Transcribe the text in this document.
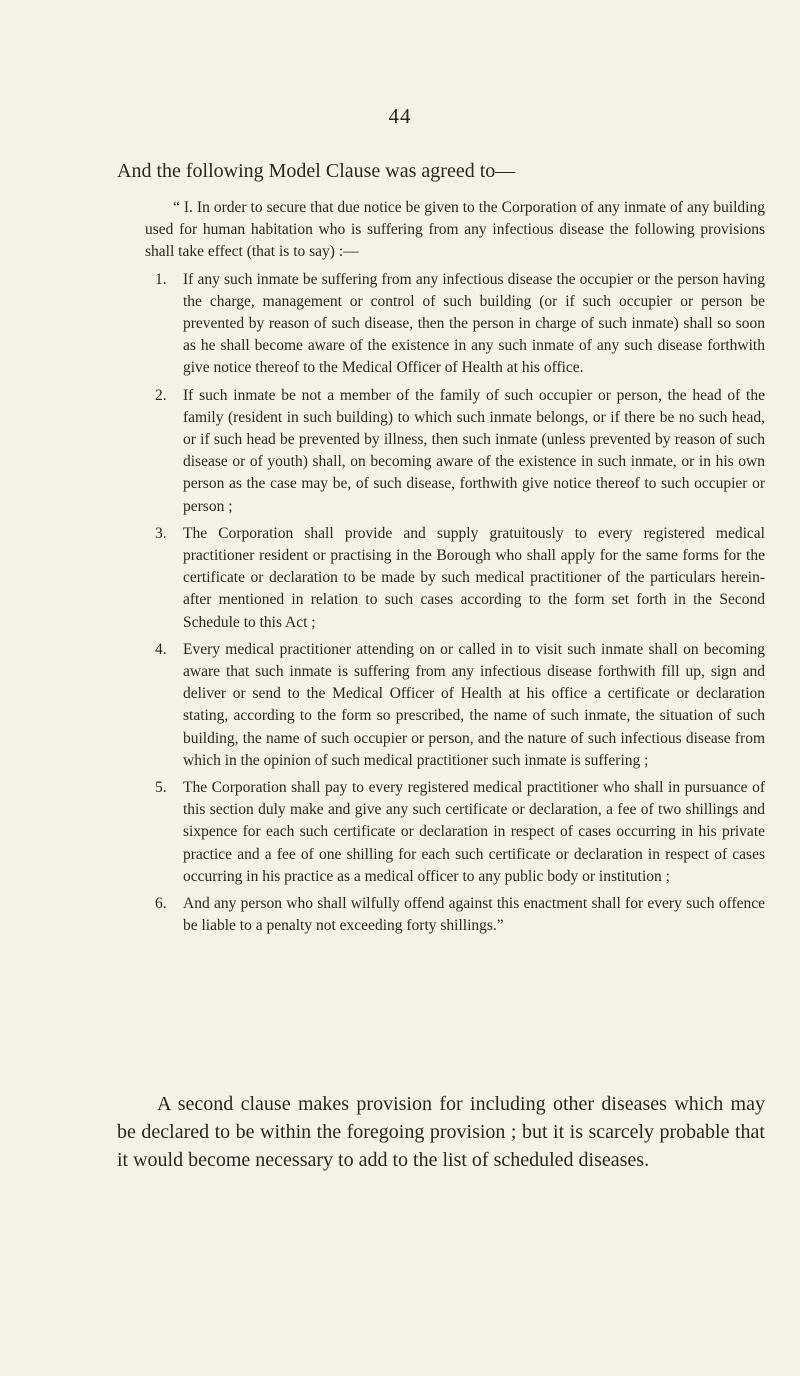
44
And the following Model Clause was agreed to—

“ I. In order to secure that due notice be given to the Corporation of any inmate of any building used for human habitation who is suffering from any infectious disease the following provisions shall take effect (that is to say) :—

1. If any such inmate be suffering from any infectious disease the occupier or the person having the charge, management or control of such building (or if such occupier or person be prevented by reason of such disease, then the person in charge of such inmate) shall so soon as he shall become aware of the existence in any such inmate of any such disease forthwith give notice thereof to the Medical Officer of Health at his office.
2. If such inmate be not a member of the family of such occupier or person, the head of the family (resident in such building) to which such inmate belongs, or if there be no such head, or if such head be prevented by illness, then such inmate (unless prevented by reason of such disease or of youth) shall, on becoming aware of the existence in such inmate, or in his own person as the case may be, of such disease, forthwith give notice thereof to such occupier or person ;
3. The Corporation shall provide and supply gratuitously to every registered medical practitioner resident or practising in the Borough who shall apply for the same forms for the certificate or declaration to be made by such medical practitioner of the particulars herein-after mentioned in relation to such cases according to the form set forth in the Second Schedule to this Act ;
4. Every medical practitioner attending on or called in to visit such inmate shall on becoming aware that such inmate is suffering from any infectious disease forthwith fill up, sign and deliver or send to the Medical Officer of Health at his office a certificate or declaration stating, according to the form so prescribed, the name of such inmate, the situation of such building, the name of such occupier or person, and the nature of such infectious disease from which in the opinion of such medical practitioner such inmate is suffering ;
5. The Corporation shall pay to every registered medical practitioner who shall in pursuance of this section duly make and give any such certificate or declaration, a fee of two shillings and sixpence for each such certificate or declaration in respect of cases occurring in his private practice and a fee of one shilling for each such certificate or declaration in respect of cases occurring in his practice as a medical officer to any public body or institution ;
6. And any person who shall wilfully offend against this enactment shall for every such offence be liable to a penalty not exceeding forty shillings.”

A second clause makes provision for including other diseases which may be declared to be within the foregoing provision ; but it is scarcely probable that it would become necessary to add to the list of scheduled diseases.
